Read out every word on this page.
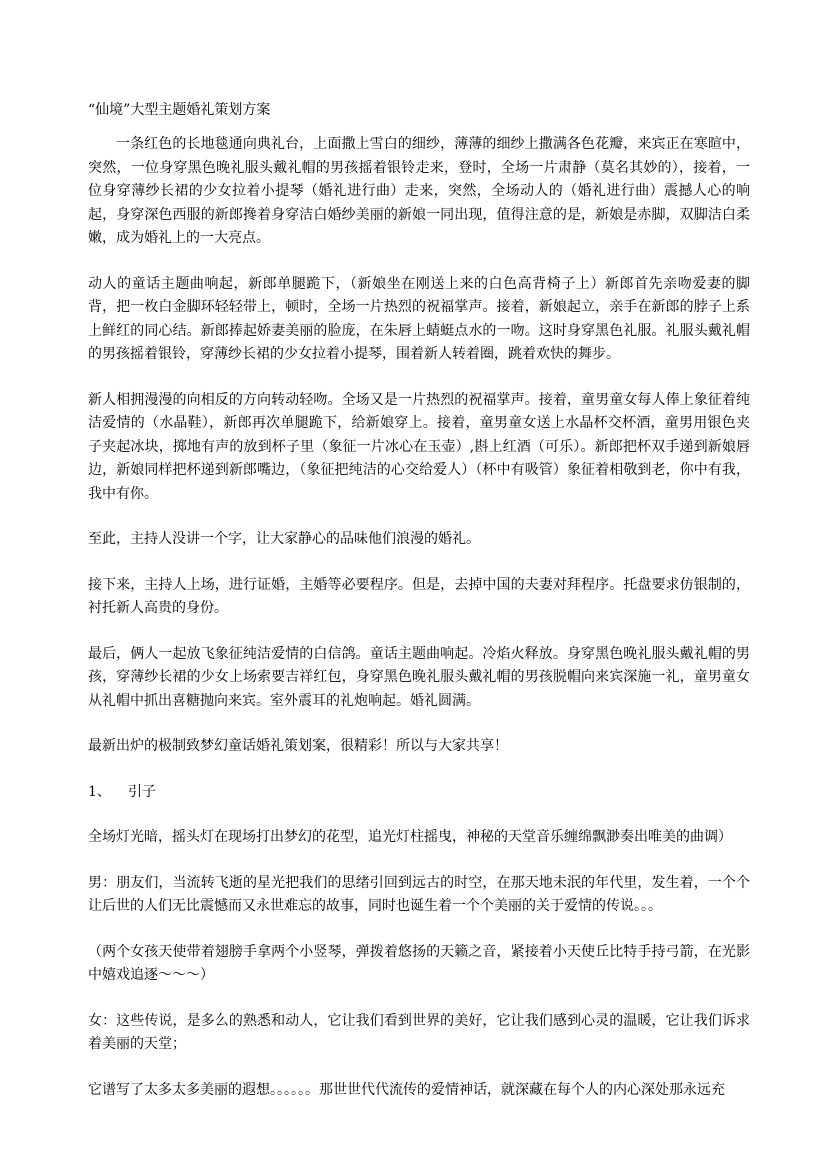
“仙境”大型主题婚礼策划方案

一条红色的长地毯通向典礼台，上面撒上雪白的细纱，薄薄的细纱上撒满各色花瓣，来宾正在寒暄中，突然，一位身穿黑色晚礼服头戴礼帽的男孩摇着银铃走来，登时，全场一片肃静（莫名其妙的），接着，一位身穿薄纱长裙的少女拉着小提琴（婚礼进行曲）走来，突然，全场动人的（婚礼进行曲）震撼人心的响起，身穿深色西服的新郎搀着身穿洁白婚纱美丽的新娘一同出现，值得注意的是，新娘是赤脚，双脚洁白柔嫩，成为婚礼上的一大亮点。

动人的童话主题曲响起，新郎单腿跪下，（新娘坐在刚送上来的白色高背椅子上）新郎首先亲吻爱妻的脚背，把一枚白金脚环轻轻带上，顿时，全场一片热烈的祝福掌声。接着，新娘起立，亲手在新郎的脖子上系上鲜红的同心结。新郎捧起娇妻美丽的脸庞，在朱唇上蜻蜓点水的一吻。这时身穿黑色礼服。礼服头戴礼帽的男孩摇着银铃，穿薄纱长裙的少女拉着小提琴，围着新人转着圈，跳着欢快的舞步。

新人相拥漫漫的向相反的方向转动轻吻。全场又是一片热烈的祝福掌声。接着，童男童女每人俸上象征着纯洁爱情的（水晶鞋），新郎再次单腿跪下，给新娘穿上。接着，童男童女送上水晶杯交杯酒，童男用银色夹子夹起冰块，掷地有声的放到杯子里（象征一片冰心在玉壶）,斟上红酒（可乐）。新郎把杯双手递到新娘唇边，新娘同样把杯递到新郎嘴边，（象征把纯洁的心交给爱人）（杯中有吸管）象征着相敬到老，你中有我，我中有你。

至此，主持人没讲一个字，让大家静心的品味他们浪漫的婚礼。

接下来，主持人上场，进行证婚，主婚等必要程序。但是，去掉中国的夫妻对拜程序。托盘要求仿银制的，衬托新人高贵的身份。

最后，俩人一起放飞象征纯洁爱情的白信鸽。童话主题曲响起。冷焰火释放。身穿黑色晚礼服头戴礼帽的男孩，穿薄纱长裙的少女上场索要吉祥红包，身穿黑色晚礼服头戴礼帽的男孩脱帽向来宾深施一礼，童男童女从礼帽中抓出喜糖抛向来宾。室外震耳的礼炮响起。婚礼圆满。

最新出炉的极制致梦幻童话婚礼策划案，很精彩！所以与大家共享！

1、 引子

全场灯光暗，摇头灯在现场打出梦幻的花型，追光灯柱摇曳，神秘的天堂音乐缠绵飘渺奏出唯美的曲调）

男：朋友们，当流转飞逝的星光把我们的思绪引回到远古的时空，在那天地未泯的年代里，发生着，一个个让后世的人们无比震憾而又永世难忘的故事，同时也诞生着一个个美丽的关于爱情的传说。。。

（两个女孩天使带着翅膀手拿两个小竖琴，弹拨着悠扬的天籁之音，紧接着小天使丘比特手持弓箭，在光影中嬉戏追逐～～～）

女：这些传说，是多么的熟悉和动人，它让我们看到世界的美好，它让我们感到心灵的温暖，它让我们诉求着美丽的天堂；

它谱写了太多太多美丽的遐想。。。。。。那世世代代流传的爱情神话，就深藏在每个人的内心深处那永远充
